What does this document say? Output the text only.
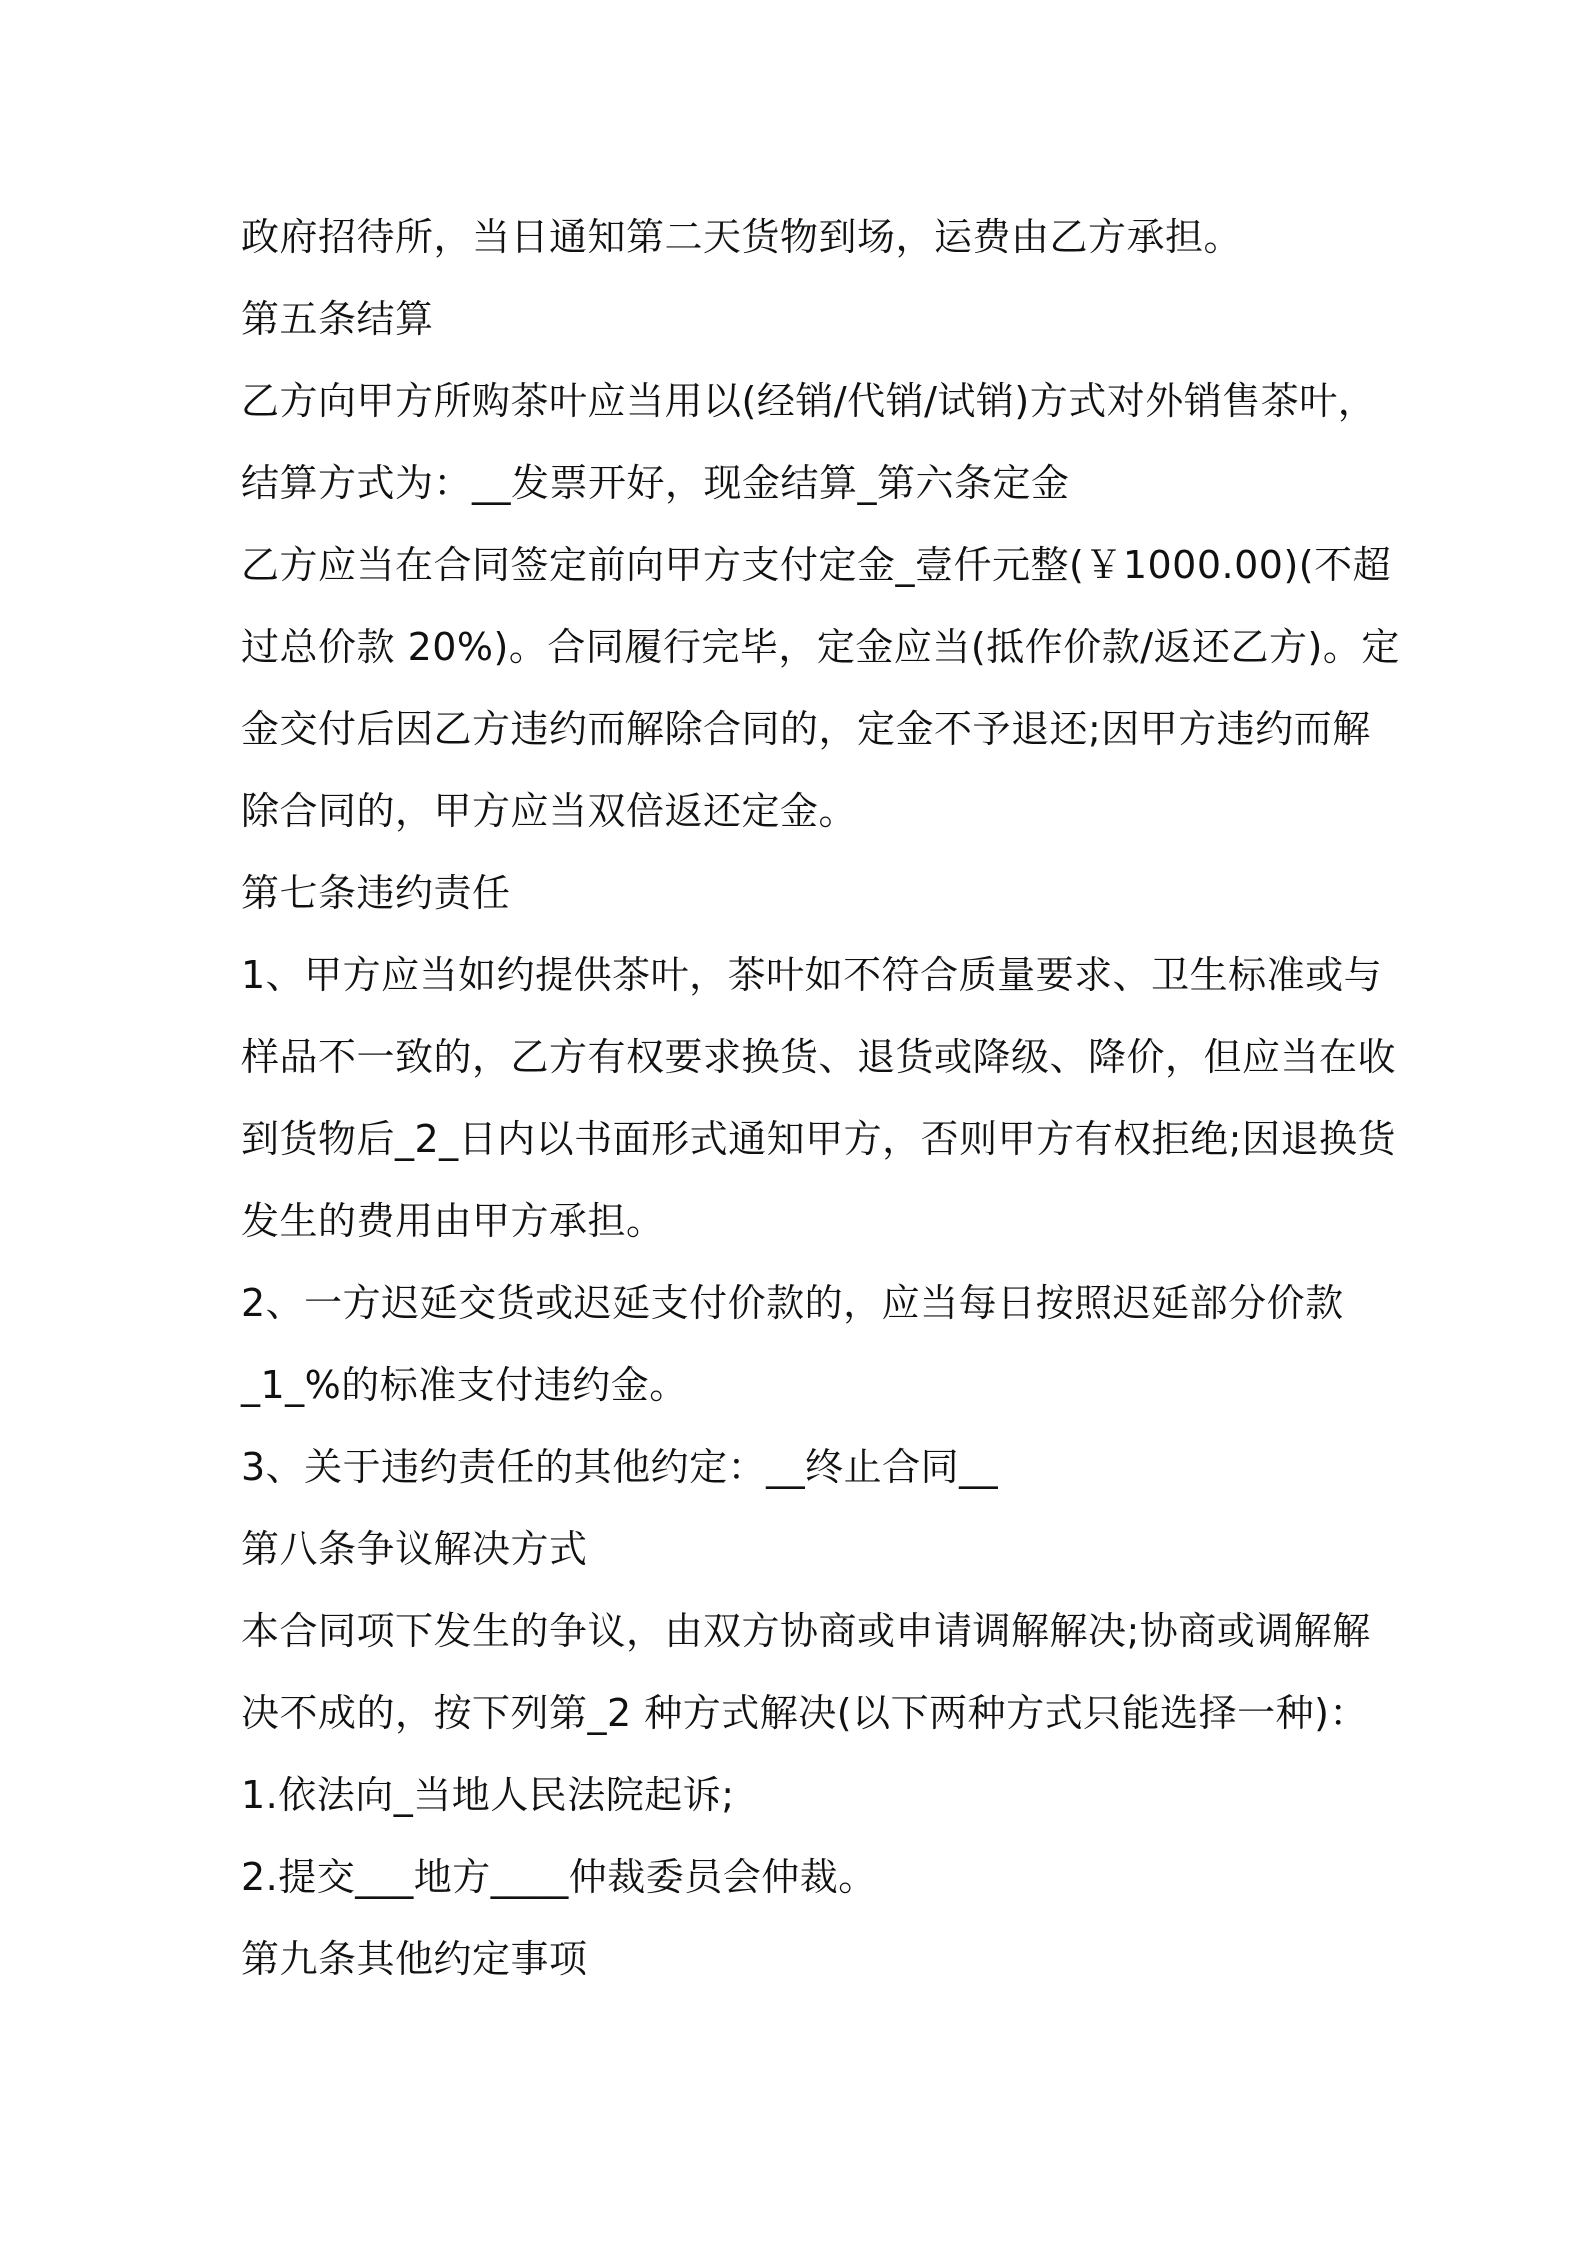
政府招待所，当日通知第二天货物到场，运费由乙方承担。
第五条结算
乙方向甲方所购茶叶应当用以(经销/代销/试销)方式对外销售茶叶，
结算方式为：__发票开好，现金结算_第六条定金
乙方应当在合同签定前向甲方支付定金_壹仟元整(￥1000.00)(不超
过总价款 20%)。合同履行完毕，定金应当(抵作价款/返还乙方)。定
金交付后因乙方违约而解除合同的，定金不予退还;因甲方违约而解
除合同的，甲方应当双倍返还定金。
第七条违约责任
1、甲方应当如约提供茶叶，茶叶如不符合质量要求、卫生标准或与
样品不一致的，乙方有权要求换货、退货或降级、降价，但应当在收
到货物后_2_日内以书面形式通知甲方，否则甲方有权拒绝;因退换货
发生的费用由甲方承担。
2、一方迟延交货或迟延支付价款的，应当每日按照迟延部分价款
_1_%的标准支付违约金。
3、关于违约责任的其他约定：__终止合同__
第八条争议解决方式
本合同项下发生的争议，由双方协商或申请调解解决;协商或调解解
决不成的，按下列第_2 种方式解决(以下两种方式只能选择一种)：
1.依法向_当地人民法院起诉;
2.提交___地方____仲裁委员会仲裁。
第九条其他约定事项
